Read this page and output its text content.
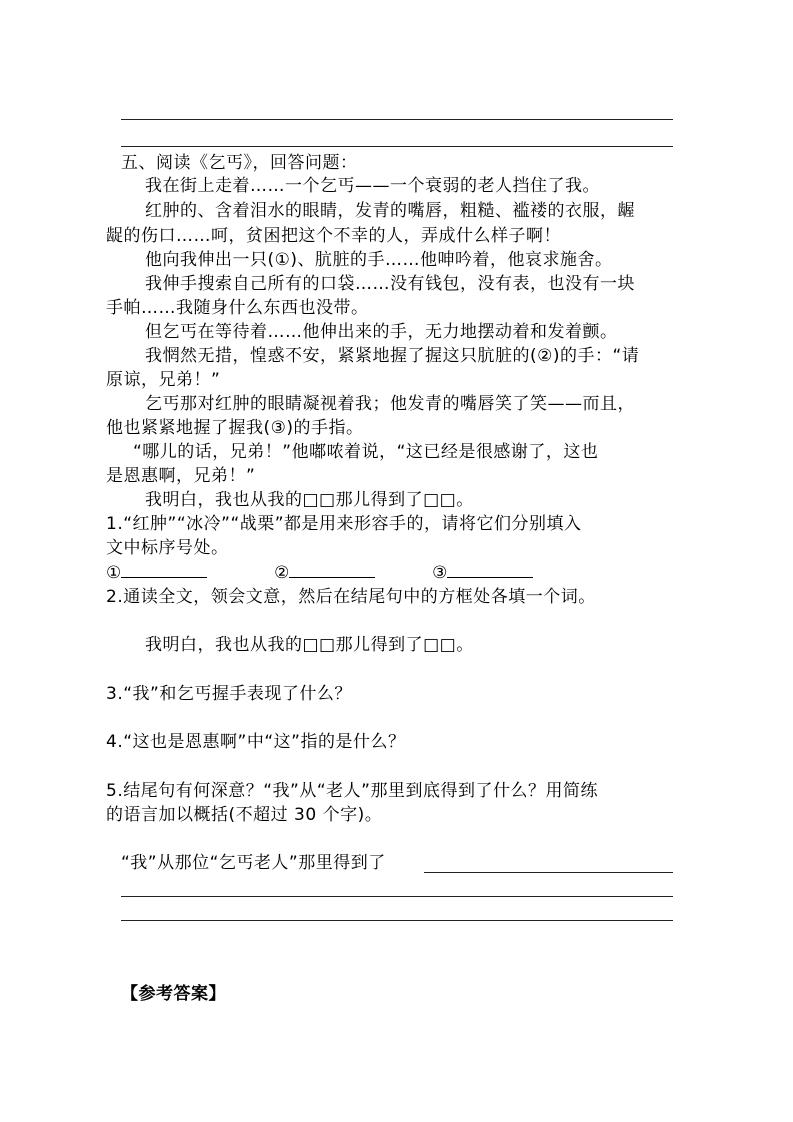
五、阅读《乞丐》，回答问题：
我在街上走着……一个乞丐——一个衰弱的老人挡住了我。
红肿的、含着泪水的眼睛，发青的嘴唇，粗糙、褴褛的衣服，龌
龊的伤口……呵，贫困把这个不幸的人，弄成什么样子啊！
他向我伸出一只(①)、肮脏的手……他呻吟着，他哀求施舍。
我伸手搜索自己所有的口袋……没有钱包，没有表，也没有一块
手帕……我随身什么东西也没带。
但乞丐在等待着……他伸出来的手，无力地摆动着和发着颤。
我惘然无措，惶惑不安，紧紧地握了握这只肮脏的(②)的手：“请
原谅，兄弟！”
乞丐那对红肿的眼睛凝视着我；他发青的嘴唇笑了笑——而且，
他也紧紧地握了握我(③)的手指。
“哪儿的话，兄弟！”他嘟哝着说，“这已经是很感谢了，这也
是恩惠啊，兄弟！”
我明白，我也从我的□□那儿得到了□□。
1.“红肿”“冰冷”“战栗”都是用来形容手的，请将它们分别填入
文中标序号处。
①	②	③
2.通读全文，领会文意，然后在结尾句中的方框处各填一个词。
我明白，我也从我的□□那儿得到了□□。
3.“我”和乞丐握手表现了什么？
4.“这也是恩惠啊”中“这”指的是什么？
5.结尾句有何深意？“我”从“老人”那里到底得到了什么？用简练
的语言加以概括(不超过 30 个字)。
“我”从那位“乞丐老人”那里得到了
【参考答案】
